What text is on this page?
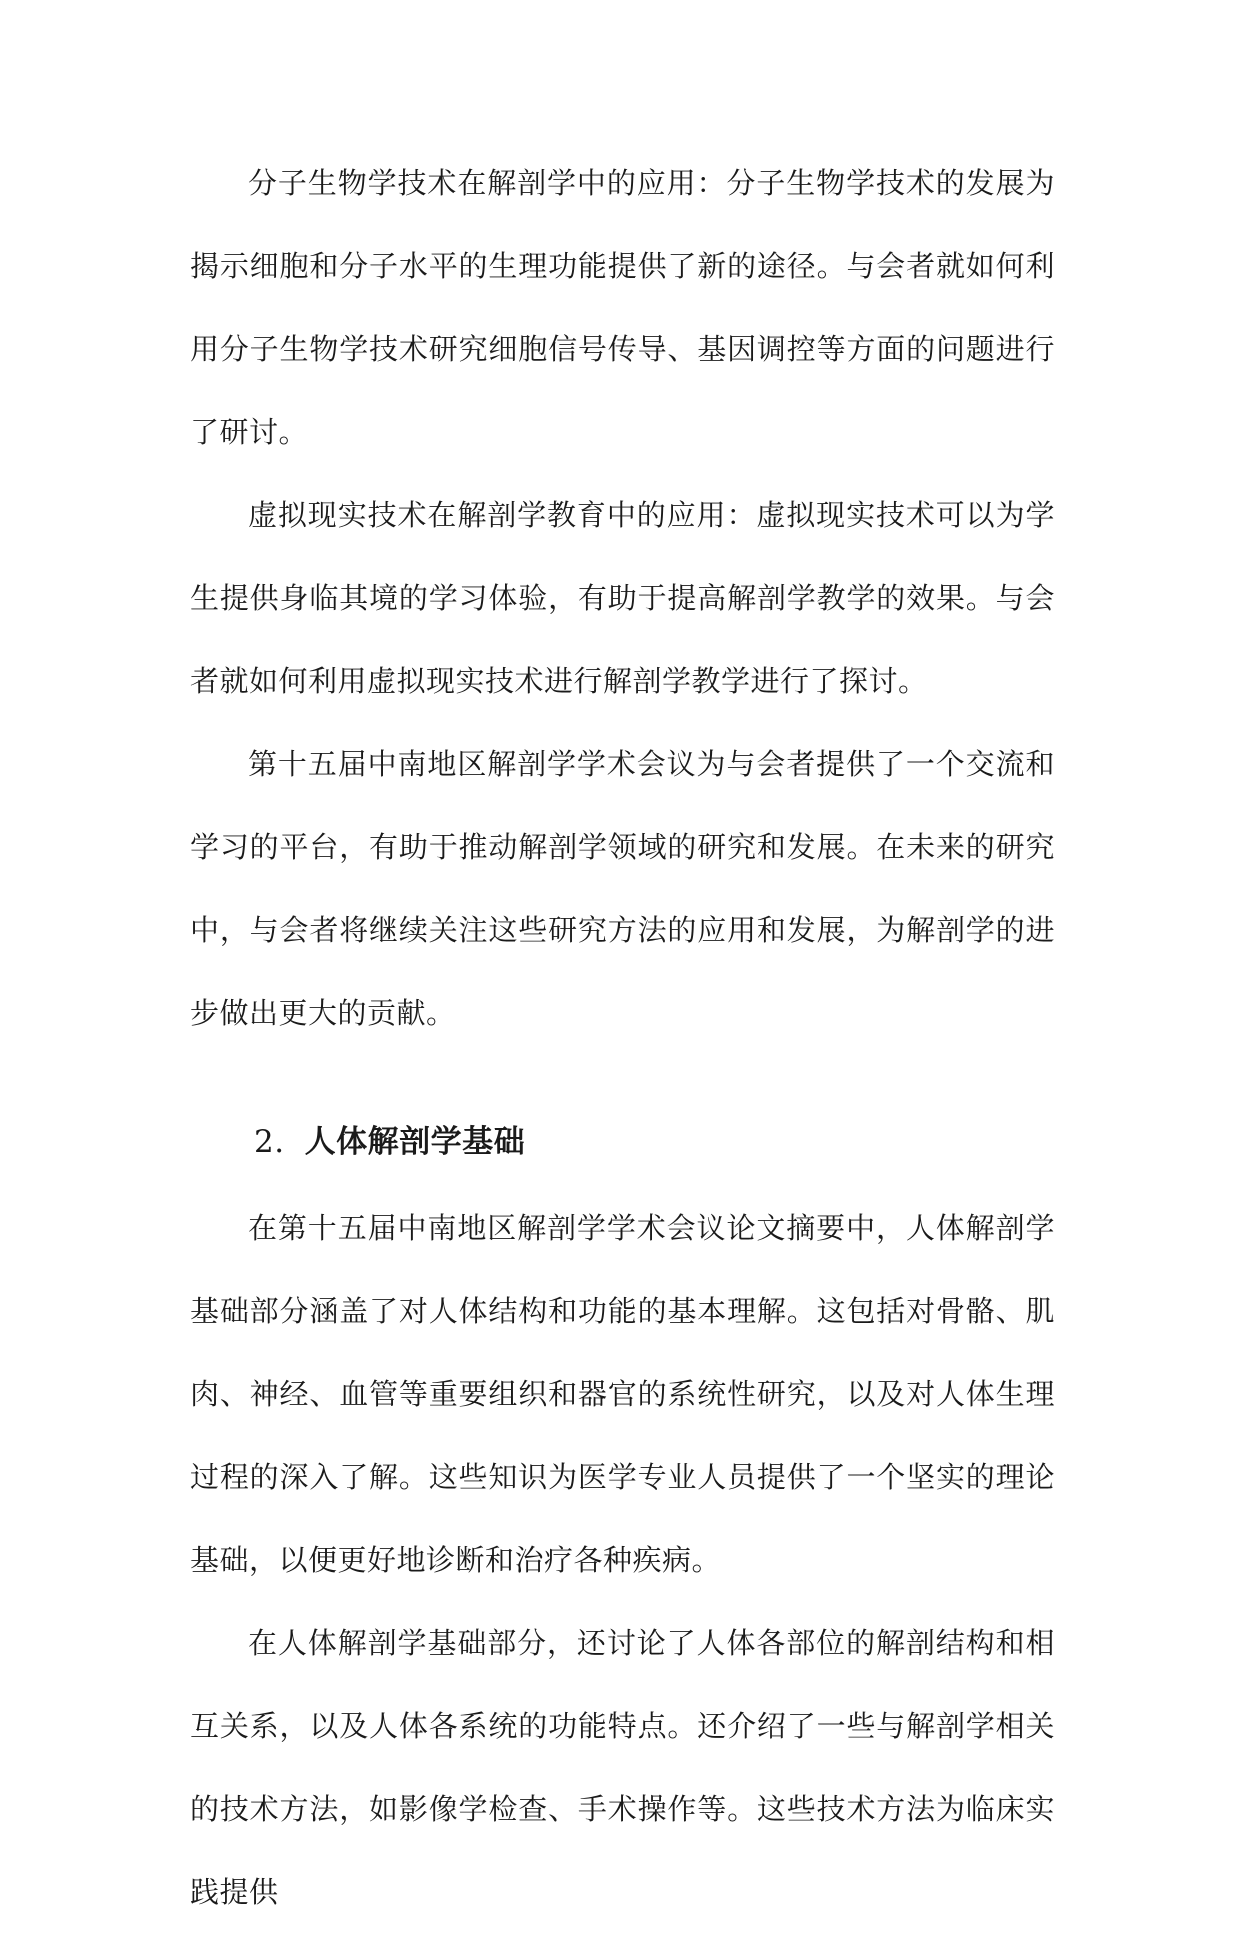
分子生物学技术在解剖学中的应用：分子生物学技术的发展为揭示细胞和分子水平的生理功能提供了新的途径。与会者就如何利用分子生物学技术研究细胞信号传导、基因调控等方面的问题进行了研讨。

虚拟现实技术在解剖学教育中的应用：虚拟现实技术可以为学生提供身临其境的学习体验，有助于提高解剖学教学的效果。与会者就如何利用虚拟现实技术进行解剖学教学进行了探讨。

第十五届中南地区解剖学学术会议为与会者提供了一个交流和学习的平台，有助于推动解剖学领域的研究和发展。在未来的研究中，与会者将继续关注这些研究方法的应用和发展，为解剖学的进步做出更大的贡献。

2. 人体解剖学基础

在第十五届中南地区解剖学学术会议论文摘要中，人体解剖学基础部分涵盖了对人体结构和功能的基本理解。这包括对骨骼、肌肉、神经、血管等重要组织和器官的系统性研究，以及对人体生理过程的深入了解。这些知识为医学专业人员提供了一个坚实的理论基础，以便更好地诊断和治疗各种疾病。

在人体解剖学基础部分，还讨论了人体各部位的解剖结构和相互关系，以及人体各系统的功能特点。还介绍了一些与解剖学相关的技术方法，如影像学检查、手术操作等。这些技术方法为临床实践提供
